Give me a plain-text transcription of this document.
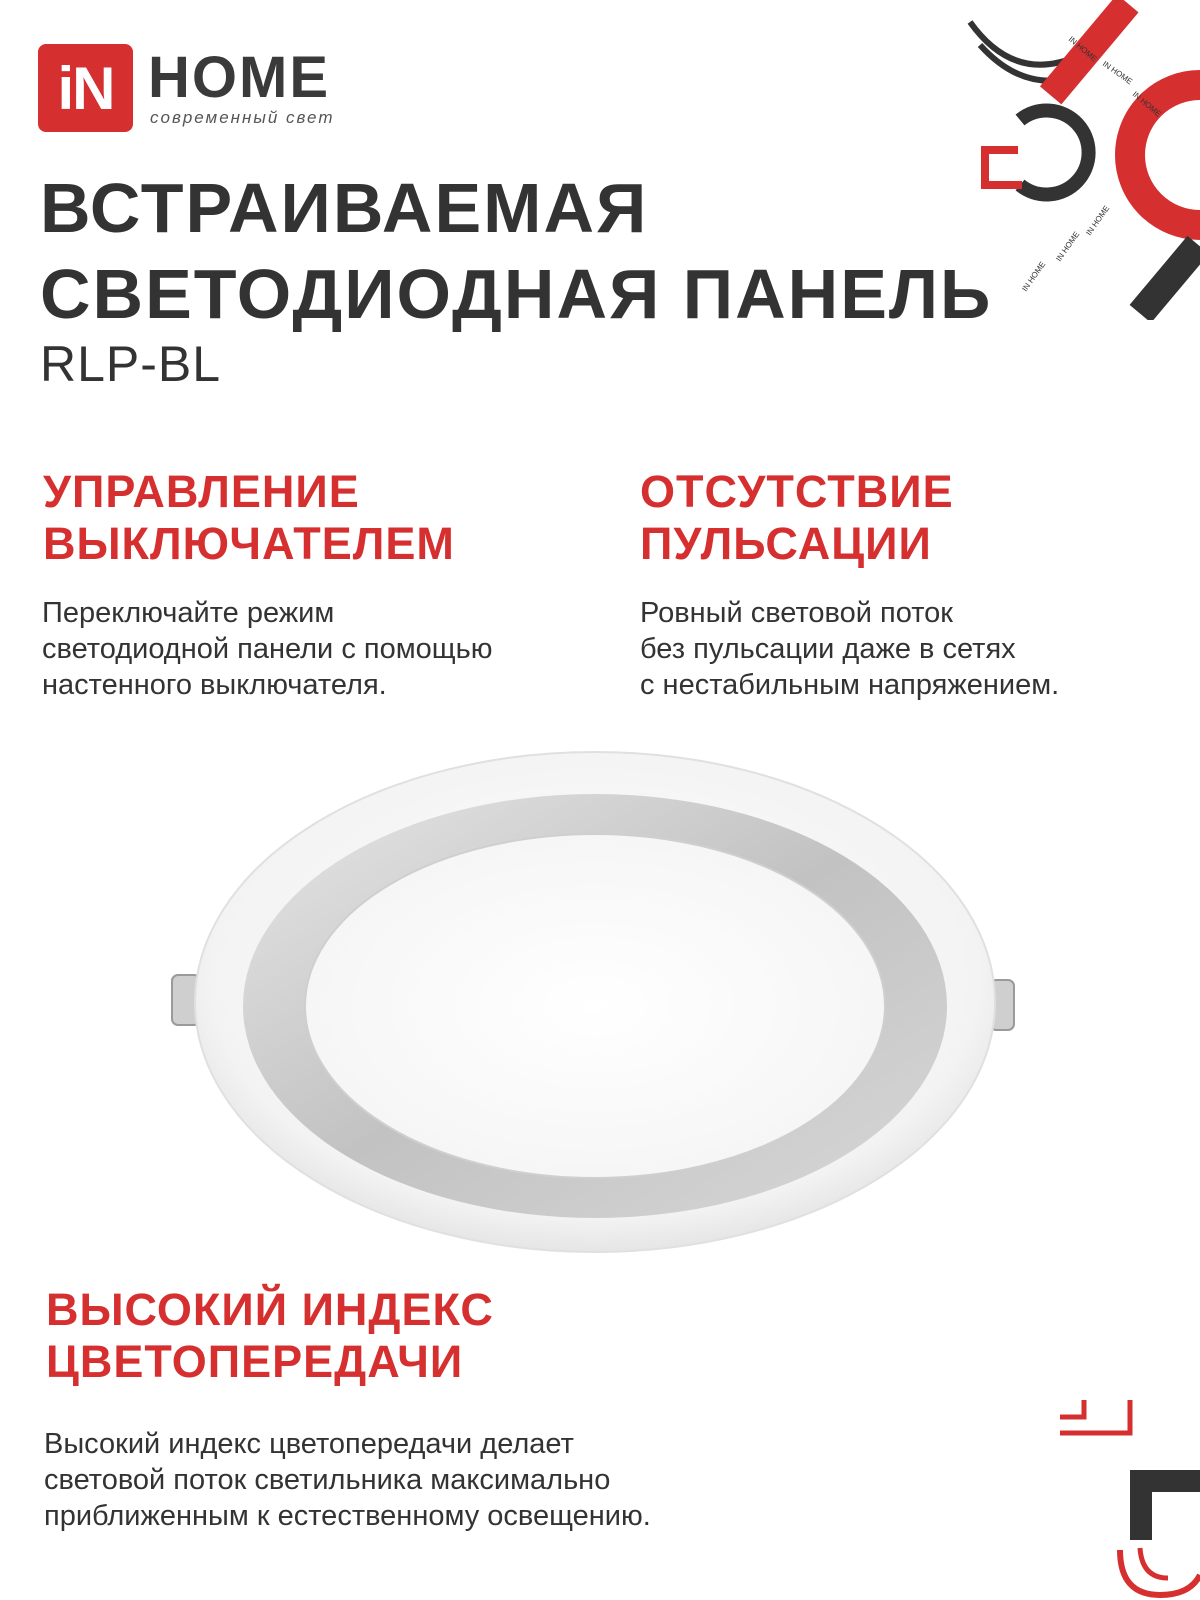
iN HOME
современный свет
IN HOME
IN HOME
IN HOME
IN HOME
IN HOME
IN HOME
ВСТРАИВАЕМАЯ
СВЕТОДИОДНАЯ ПАНЕЛЬ
RLP-BL
УПРАВЛЕНИЕ
ВЫКЛЮЧАТЕЛЕМ
Переключайте режим
светодиодной панели с помощью
настенного выключателя.
ОТСУТСТВИЕ
ПУЛЬСАЦИИ
Ровный световой поток
без пульсации даже в сетях
с нестабильным напряжением.
ВЫСОКИЙ ИНДЕКС
ЦВЕТОПЕРЕДАЧИ
Высокий индекс цветопередачи делает
световой поток светильника максимально
приближенным к естественному освещению.
